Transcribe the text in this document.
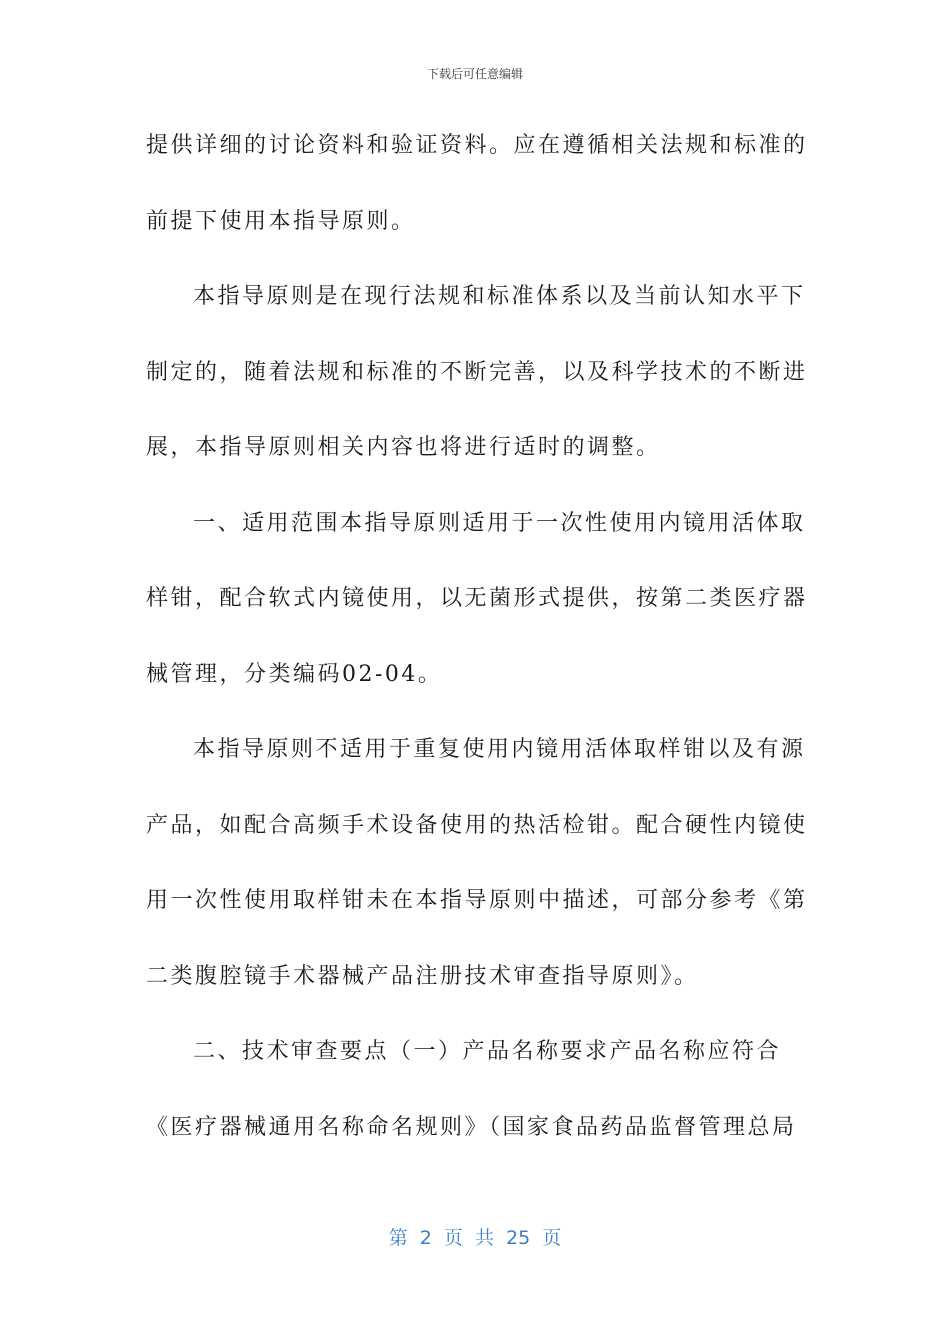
下载后可任意编辑
提供详细的讨论资料和验证资料。应在遵循相关法规和标准的
前提下使用本指导原则。
本指导原则是在现行法规和标准体系以及当前认知水平下
制定的，随着法规和标准的不断完善，以及科学技术的不断进
展，本指导原则相关内容也将进行适时的调整。
一、适用范围本指导原则适用于一次性使用内镜用活体取
样钳，配合软式内镜使用，以无菌形式提供，按第二类医疗器
械管理，分类编码02-04。
本指导原则不适用于重复使用内镜用活体取样钳以及有源
产品，如配合高频手术设备使用的热活检钳。配合硬性内镜使
用一次性使用取样钳未在本指导原则中描述，可部分参考《第
二类腹腔镜手术器械产品注册技术审查指导原则》。
二、技术审查要点（一）产品名称要求产品名称应符合
《医疗器械通用名称命名规则》（国家食品药品监督管理总局
第 2 页 共 25 页
